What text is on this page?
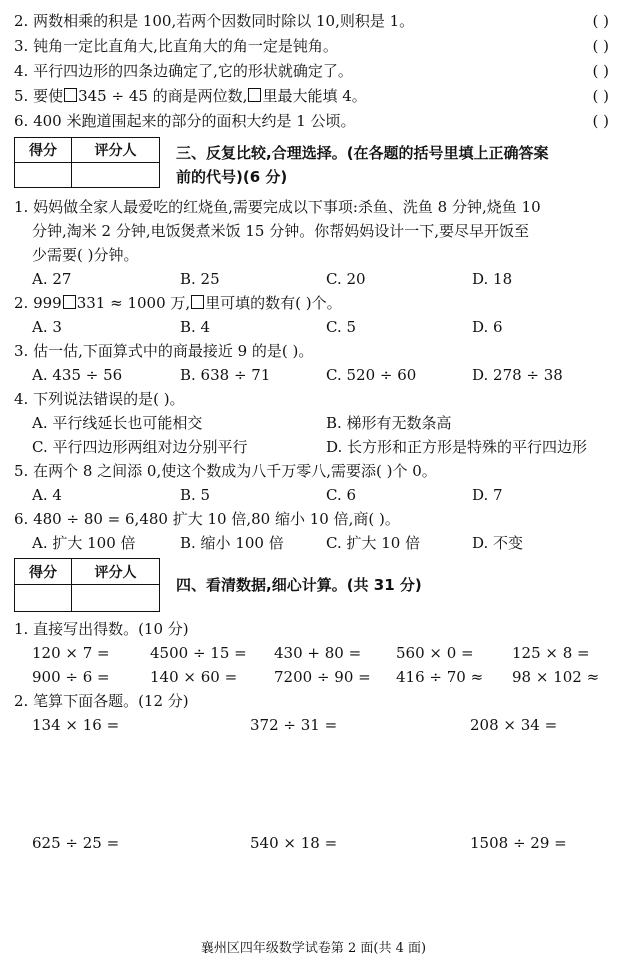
2. 两数相乘的积是 100,若两个因数同时除以 10,则积是 1。	( )
3. 钝角一定比直角大,比直角大的角一定是钝角。	( )
4. 平行四边形的四条边确定了,它的形状就确定了。	( )
5. 要使 345 ÷ 45 的商是两位数, 里最大能填 4。	( )
6. 400 米跑道围起来的部分的面积大约是 1 公顷。	( )
得分	评分人
		三、反复比较,合理选择。(在各题的括号里填上正确答案
前的代号)(6 分)
1. 妈妈做全家人最爱吃的红烧鱼,需要完成以下事项:杀鱼、洗鱼 8 分钟,烧鱼 10
分钟,淘米 2 分钟,电饭煲煮米饭 15 分钟。你帮妈妈设计一下,要尽早开饭至
少需要( )分钟。
A. 27	B. 25	C. 20	D. 18
2. 999 331 ≈ 1000 万, 里可填的数有( )个。
A. 3	B. 4	C. 5	D. 6
3. 估一估,下面算式中的商最接近 9 的是( )。
A. 435 ÷ 56	B. 638 ÷ 71	C. 520 ÷ 60	D. 278 ÷ 38
4. 下列说法错误的是( )。
A. 平行线延长也可能相交	B. 梯形有无数条高
C. 平行四边形两组对边分别平行	D. 长方形和正方形是特殊的平行四边形
5. 在两个 8 之间添 0,使这个数成为八千万零八,需要添( )个 0。
A. 4	B. 5	C. 6	D. 7
6. 480 ÷ 80 = 6,480 扩大 10 倍,80 缩小 10 倍,商( )。
A. 扩大 100 倍	B. 缩小 100 倍	C. 扩大 10 倍	D. 不变
得分	评分人

四、看清数据,细心计算。(共 31 分)
1. 直接写出得数。(10 分)
120 × 7 =	4500 ÷ 15 = 430 + 80 = 560 × 0 =	125 × 8 =
900 ÷ 6 =	140 × 60 = 7200 ÷ 90 = 416 ÷ 70 ≈ 98 × 102 ≈
2. 笔算下面各题。(12 分)
134 × 16 =	372 ÷ 31 =	208 × 34 =
625 ÷ 25 =	540 × 18 =	1508 ÷ 29 =
襄州区四年级数学试卷第 2 面(共 4 面)
